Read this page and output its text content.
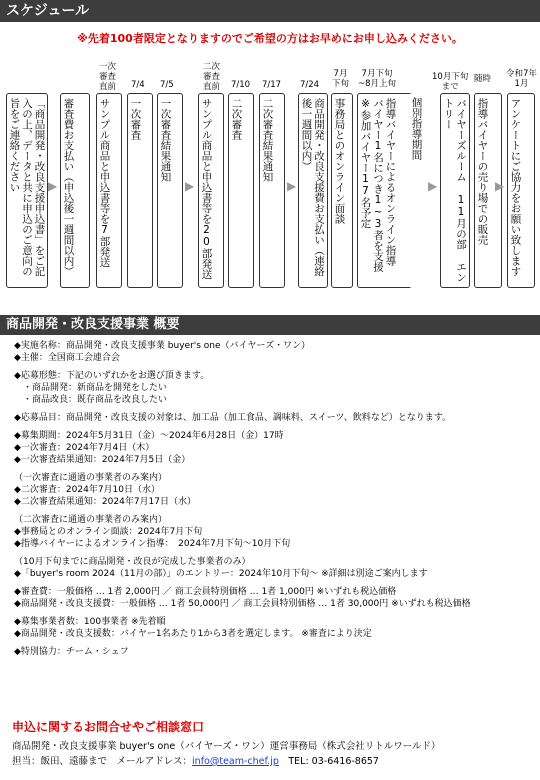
スケジュール
※先着100者限定となりますのでご希望の方はお早めにお申し込みください。
一次
審査
直前 7/4 7/5
二次
審査
直前 7/10 7/17 7/24
7月
下旬
7月下旬
~8月上旬
10月下旬
まで
随時 令和7年
1月
「商品開発・改良支援申込書」をご記入の上、データと共に申込のご意向の旨をご連絡ください	▶ 審査費お支払い（申込後一週間以内） サンプル商品と申込書等を7部発送 一次審査 一次審査結果通知	サンプル商品と申込書等を20部発送 二次審査 二次審査結果通知	商品開発・改良支援費お支払い（連絡後一週間以内）	事務局とのオンライン面談	指導バイヤーによるオンライン指導　バイヤー1名につき1~3者を支援　※参加バイヤー17名予定	個別指導期間	バイヤーズルーム 11月の部 エントリー	指導バイヤーの売り場での販売 アンケートにご協力をお願い致します
▶	▶	▶	▶
商品開発・改良支援事業 概要
◆実施名称：商品開発・改良支援事業 buyer's one（バイヤーズ・ワン）
◆主催：全国商工会連合会
◆応募形態：下記のいずれかをお選び頂きます。
　・商品開発：新商品を開発をしたい
　・商品改良：既存商品を改良したい
◆応募品目：商品開発・改良支援の対象は、加工品（加工食品、調味料、スイーツ、飲料など）となります。
◆募集期間：2024年5月31日（金）～2024年6月28日（金）17時
◆一次審査：2024年7月4日（木）
◆一次審査結果通知：2024年7月5日（金）
（一次審査に通過の事業者のみ案内）
◆二次審査：2024年7月10日（水）
◆二次審査結果通知：2024年7月17日（水）
（二次審査に通過の事業者のみ案内）
◆事務局とのオンライン面談：2024年7月下旬
◆指導バイヤーによるオンライン指導：　2024年7月下旬～10月下旬
（10月下旬までに商品開発・改良が完成した事業者のみ）
◆「buyer's room 2024（11月の部）」のエントリー：2024年10月下旬～ ※詳細は別途ご案内します
◆審査費：一般価格 … 1者 2,000円 ／ 商工会員特別価格 … 1者 1,000円 ※いずれも税込価格
◆商品開発・改良支援費：一般価格 … 1者 50,000円 ／ 商工会員特別価格 … 1者 30,000円 ※いずれも税込価格
◆募集事業者数：100事業者 ※先着順
◆商品開発・改良支援数：バイヤー1名あたり1から3者を選定します。 ※審査により決定
◆特別協力：チーム・シェフ
申込に関するお問合せやご相談窓口
商品開発・改良支援事業 buyer's one（バイヤーズ・ワン）運営事務局（株式会社リトルワールド）
担当：飯田、遠藤まで　メールアドレス：info@team-chef.jp　TEL: 03-6416-8657
